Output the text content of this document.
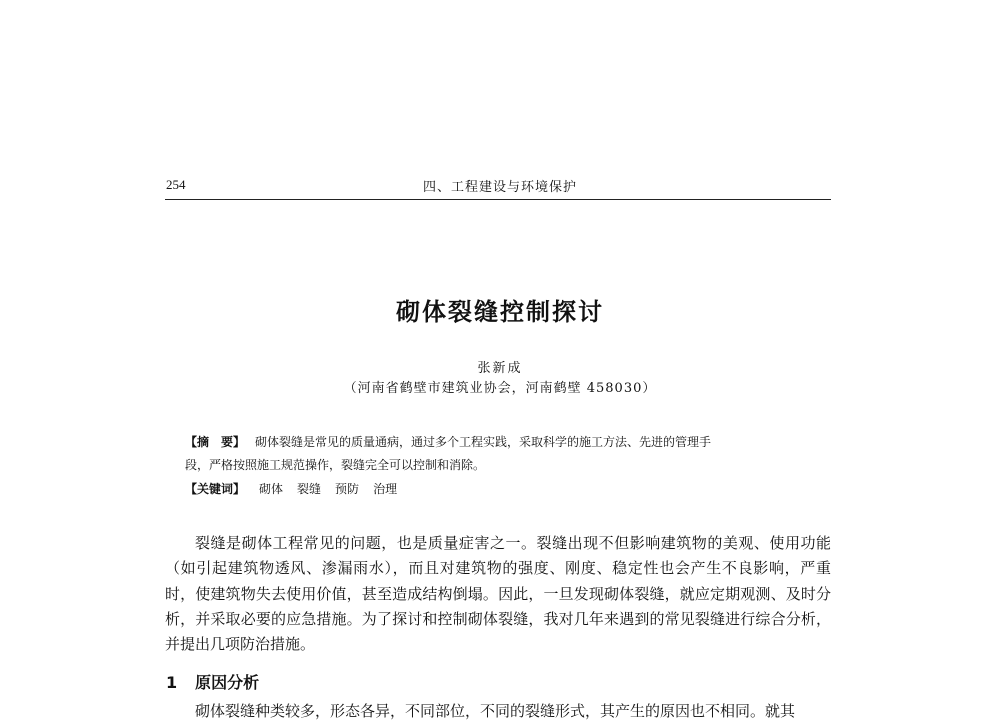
254	四、工程建设与环境保护
砌体裂缝控制探讨
张新成
（河南省鹤壁市建筑业协会，河南鹤壁 458030）
【摘　要】 砌体裂缝是常见的质量通病，通过多个工程实践，采取科学的施工方法、先进的管理手
段，严格按照施工规范操作，裂缝完全可以控制和消除。
【关键词】 砌体 裂缝 预防 治理
裂缝是砌体工程常见的问题，也是质量症害之一。裂缝出现不但影响建筑物的美观、使用功能（如引起建筑物透风、渗漏雨水），而且对建筑物的强度、刚度、稳定性也会产生不良影响，严重时，使建筑物失去使用价值，甚至造成结构倒塌。因此，一旦发现砌体裂缝，就应定期观测、及时分析，并采取必要的应急措施。为了探讨和控制砌体裂缝，我对几年来遇到的常见裂缝进行综合分析，并提出几项防治措施。
1 原因分析
砌体裂缝种类较多，形态各异，不同部位，不同的裂缝形式，其产生的原因也不相同。就其
